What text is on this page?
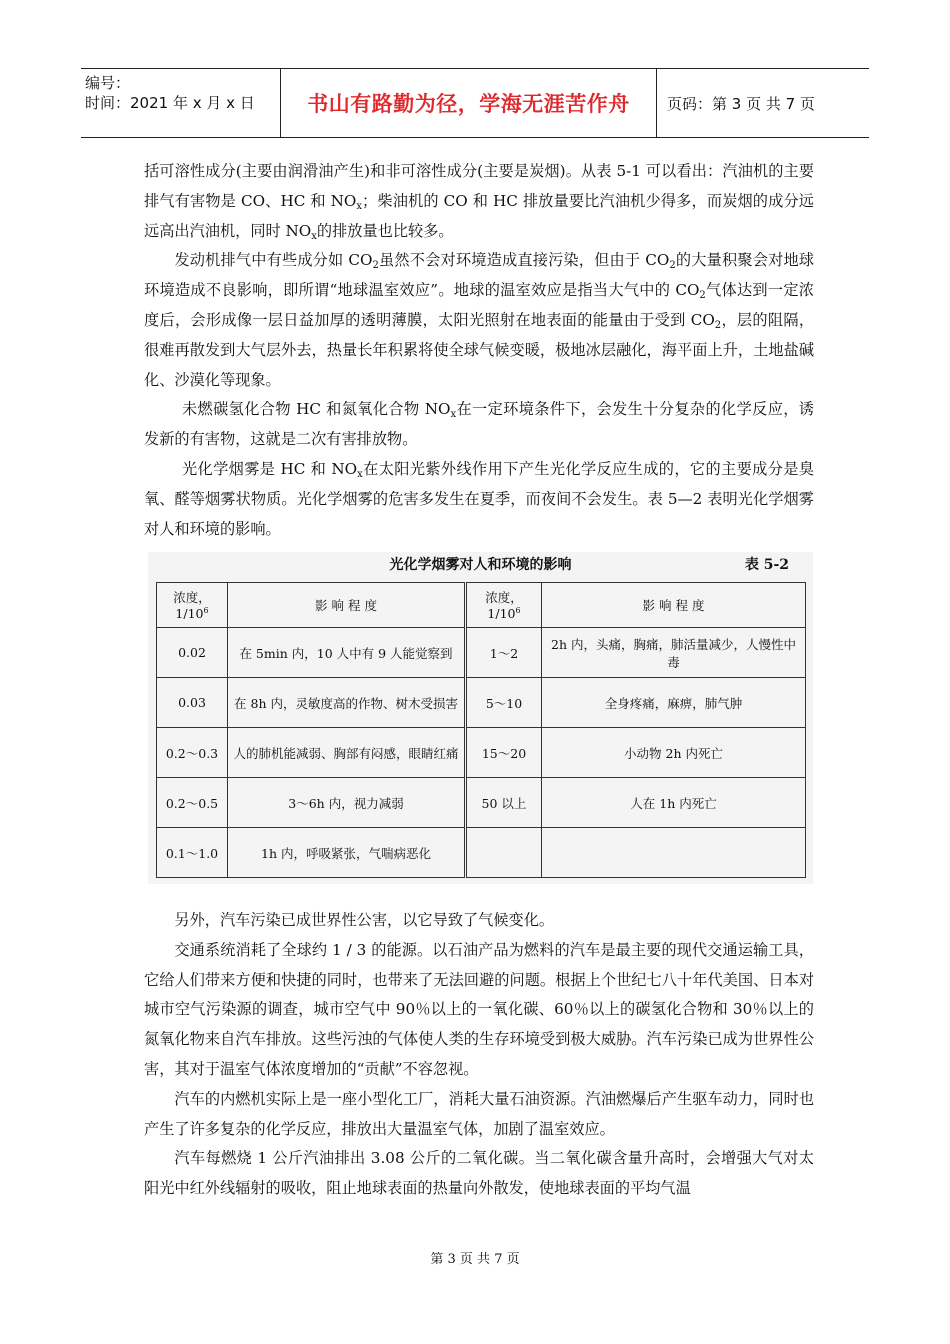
编号：
时间：2021 年 x 月 x 日	书山有路勤为径，学海无涯苦作舟	页码：第 3 页 共 7 页

括可溶性成分(主要由润滑油产生)和非可溶性成分(主要是炭烟)。从表 5-1 可以看出：汽油机的主要排气有害物是 CO、HC 和 $NO_x$；柴油机的 CO 和 HC 排放量要比汽油机少得多，而炭烟的成分远远高出汽油机，同时 $NO_x$的排放量也比较多。

发动机排气中有些成分如 $CO_2$虽然不会对环境造成直接污染，但由于 $CO_2$的大量积聚会对地球环境造成不良影响，即所谓“地球温室效应”。地球的温室效应是指当大气中的 $CO_2$气体达到一定浓度后，会形成像一层日益加厚的透明薄膜，太阳光照射在地表面的能量由于受到 $CO_2$，层的阻隔，很难再散发到大气层外去，热量长年积累将使全球气候变暖，极地冰层融化，海平面上升，土地盐碱化、沙漠化等现象。

未燃碳氢化合物 HC 和氮氧化合物 $NO_x$在一定环境条件下，会发生十分复杂的化学反应，诱发新的有害物，这就是二次有害排放物。

光化学烟雾是 HC 和 $NO_x$在太阳光紫外线作用下产生光化学反应生成的，它的主要成分是臭氧、醛等烟雾状物质。光化学烟雾的危害多发生在夏季，而夜间不会发生。表 5—2 表明光化学烟雾对人和环境的影响。

光化学烟雾对人和环境的影响	表 5-2
浓度，$1/10^6$	影 响 程 度	浓度，$1/10^6$	影 响 程 度
0.02	在 5min 内，10 人中有 9 人能觉察到	1～2	2h 内，头痛，胸痛，肺活量减少，人慢性中毒
0.03	在 8h 内，灵敏度高的作物、树木受损害	5～10	全身疼痛，麻痹，肺气肿
0.2～0.3	人的肺机能减弱、胸部有闷感，眼睛红痛	15～20	小动物 2h 内死亡
0.2～0.5	3～6h 内，视力减弱	50 以上	人在 1h 内死亡
0.1～1.0	1h 内，呼吸紧张，气喘病恶化		

另外，汽车污染已成世界性公害，以它导致了气候变化。

交通系统消耗了全球约 1 / 3 的能源。以石油产品为燃料的汽车是最主要的现代交通运输工具，它给人们带来方便和快捷的同时，也带来了无法回避的问题。根据上个世纪七八十年代美国、日本对城市空气污染源的调查，城市空气中 90％以上的一氧化碳、60％以上的碳氢化合物和 30％以上的氮氧化物来自汽车排放。这些污浊的气体使人类的生存环境受到极大威胁。汽车污染已成为世界性公害，其对于温室气体浓度增加的“贡献”不容忽视。

汽车的内燃机实际上是一座小型化工厂，消耗大量石油资源。汽油燃爆后产生驱车动力，同时也产生了许多复杂的化学反应，排放出大量温室气体，加剧了温室效应。

汽车每燃烧 1 公斤汽油排出 3.08 公斤的二氧化碳。当二氧化碳含量升高时，会增强大气对太阳光中红外线辐射的吸收，阻止地球表面的热量向外散发，使地球表面的平均气温

第 3 页 共 7 页
